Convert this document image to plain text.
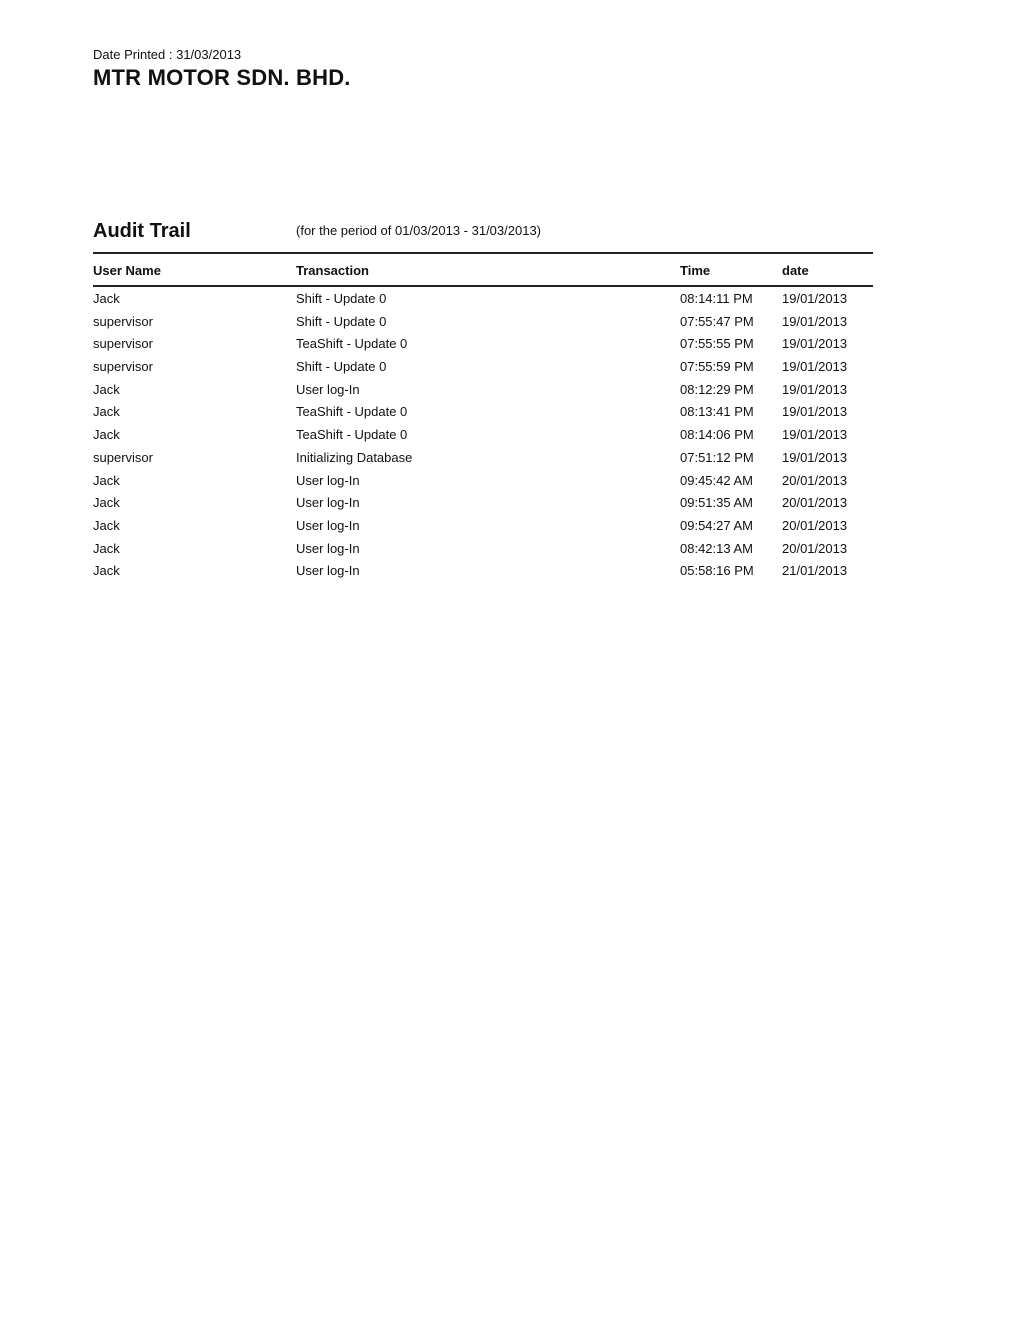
Date Printed : 31/03/2013
MTR MOTOR SDN. BHD.
Audit Trail	(for the period of 01/03/2013 - 31/03/2013)
User Name	Transaction	Time	date
Jack	Shift - Update 0	08:14:11 PM 19/01/2013
supervisor	Shift - Update 0	07:55:47 PM 19/01/2013
supervisor	TeaShift - Update 0	07:55:55 PM 19/01/2013
supervisor	Shift - Update 0	07:55:59 PM 19/01/2013
Jack	User log-In	08:12:29 PM 19/01/2013
Jack	TeaShift - Update 0	08:13:41 PM 19/01/2013
Jack	TeaShift - Update 0	08:14:06 PM 19/01/2013
supervisor	Initializing Database	07:51:12 PM 19/01/2013
Jack	User log-In	09:45:42 AM 20/01/2013
Jack	User log-In	09:51:35 AM 20/01/2013
Jack	User log-In	09:54:27 AM 20/01/2013
Jack	User log-In	08:42:13 AM 20/01/2013
Jack	User log-In	05:58:16 PM 21/01/2013
